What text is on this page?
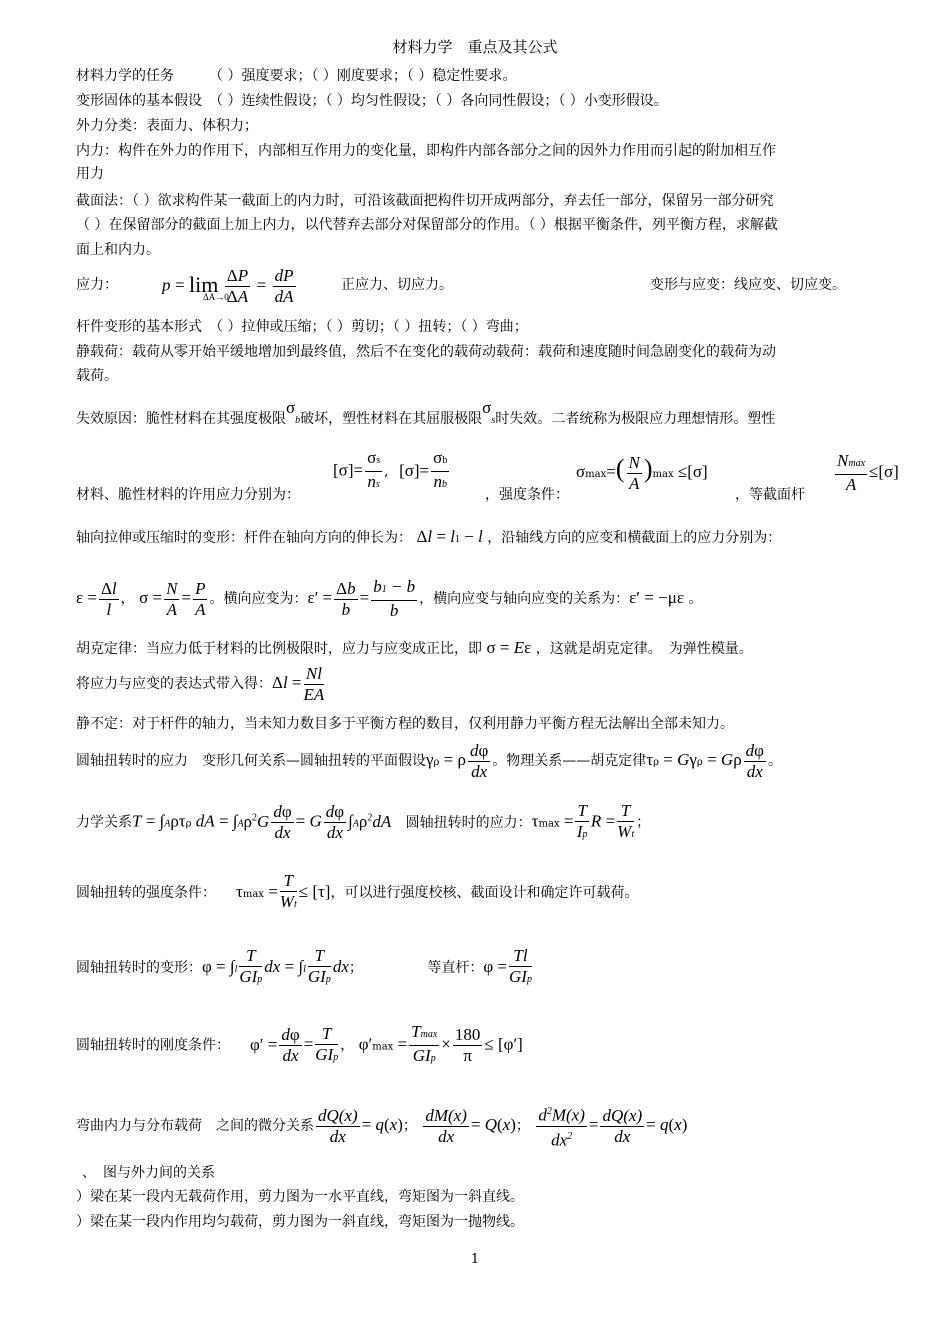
材料力学　重点及其公式
材料力学的任务　　　（ ）强度要求；（ ）刚度要求；（ ）稳定性要求。
变形固体的基本假设　（ ）连续性假设；（ ）均匀性假设；（ ）各向同性假设；（ ）小变形假设。
外力分类：表面力、体积力；
内力：构件在外力的作用下，内部相互作用力的变化量，即构件内部各部分之间的因外力作用而引起的附加相互作
用力
截面法：（ ）欲求构件某一截面上的内力时，可沿该截面把构件切开成两部分，弃去任一部分，保留另一部分研究
（ ）在保留部分的截面上加上内力，以代替弃去部分对保留部分的作用。（ ）根据平衡条件，列平衡方程，求解截
面上和内力。
应力：	p = lim
ΔA→0

$\frac{\Delta P}{\Delta A} = \frac{dP}{dA}$	正应力、切应力。	变形与应变：线应变、切应变。
杆件变形的基本形式　（ ）拉伸或压缩；（ ）剪切；（ ）扭转；（ ）弯曲；
静载荷：载荷从零开始平缓地增加到最终值，然后不在变化的载荷动载荷：载荷和速度随时间急剧变化的载荷为动
载荷。
失效原因：脆性材料在其强度极限σb破坏，塑性材料在其屈服极限σs时失效。二者统称为极限应力理想情形。塑性
$[\sigma]= \frac{\sigma s}{ns}$ , $[\sigma]= \frac{\sigma b}{nb}$
材料、脆性材料的许用应力分别为：	，强度条件：
$\sigma\max=( \frac{N}{A} )\max \le[\sigma]$
，等截面杆 $\frac{Nmax}{A} \le[\sigma]$
轴向拉伸或压缩时的变形：杆件在轴向方向的伸长为： Δl = l1 − l ，沿轴线方向的应变和横截面上的应力分别为：
$\varepsilon = \frac{\Delta l}{l}$ ， $\sigma = \frac{N}{A} = \frac{P}{A}$ 。横向应变为：$\varepsilon' = \frac{\Delta b}{b} = \frac{b1 - b}{b}$ ，横向应变与轴向应变的关系为：ε′ = −με 。
胡克定律：当应力低于材料的比例极限时，应力与应变成正比，即 σ = Eε ，这就是胡克定律。　为弹性模量。
将应力与应变的表达式带入得：$\Delta l = \frac{Nl}{EA}$
静不定：对于杆件的轴力，当未知力数目多于平衡方程的数目，仅利用静力平衡方程无法解出全部未知力。
圆轴扭转时的应力　变形几何关系—圆轴扭转的平面假设γρ = ρ $\frac{d\varphi}{dx}$ 。物理关系——胡克定律τρ = Gγρ = Gρ $\frac{d\varphi}{dx}$ 。
力学关系T = ∫Aρτρ dA = $\int A\rho^2G \frac{d\varphi}{dx} = G \frac{d\varphi}{dx} \int A\rho^2dA$ 圆轴扭转时的应力：$\tau\max = \frac{T}{Ip}$ $R = \frac{T}{Wt}$ ；
圆轴扭转的强度条件： $\tau\max = \frac{T}{Wt} \le [\tau]$，可以进行强度校核、截面设计和确定许可载荷。
圆轴扭转时的变形：$\varphi = \int l \frac{T}{\text{GIp}}$ dx = $\int l \frac{T}{\text{GIp}}$ dx；	等直杆：$\varphi = \frac{Tl}{\text{GIp}}$
圆轴扭转时的刚度条件： $\varphi' = \frac{d\varphi}{dx} = \frac{T}{\text{GIp}}$ ， $\varphi'\max = \frac{Tmax}{\text{GIp}} \times \frac{180}{\pi} \le [\varphi']$
弯曲内力与分布载荷　之间的微分关系 $\frac{dQ(x)}{dx} = q(x)$； $\frac{dM(x)}{dx} = Q(x)$； $\frac{d^2M(x)}{dx^2} = \frac{dQ(x)}{dx} = q(x)$
、　图与外力间的关系
）梁在某一段内无载荷作用，剪力图为一水平直线，弯矩图为一斜直线。
）梁在某一段内作用均匀载荷，剪力图为一斜直线，弯矩图为一抛物线。
1
